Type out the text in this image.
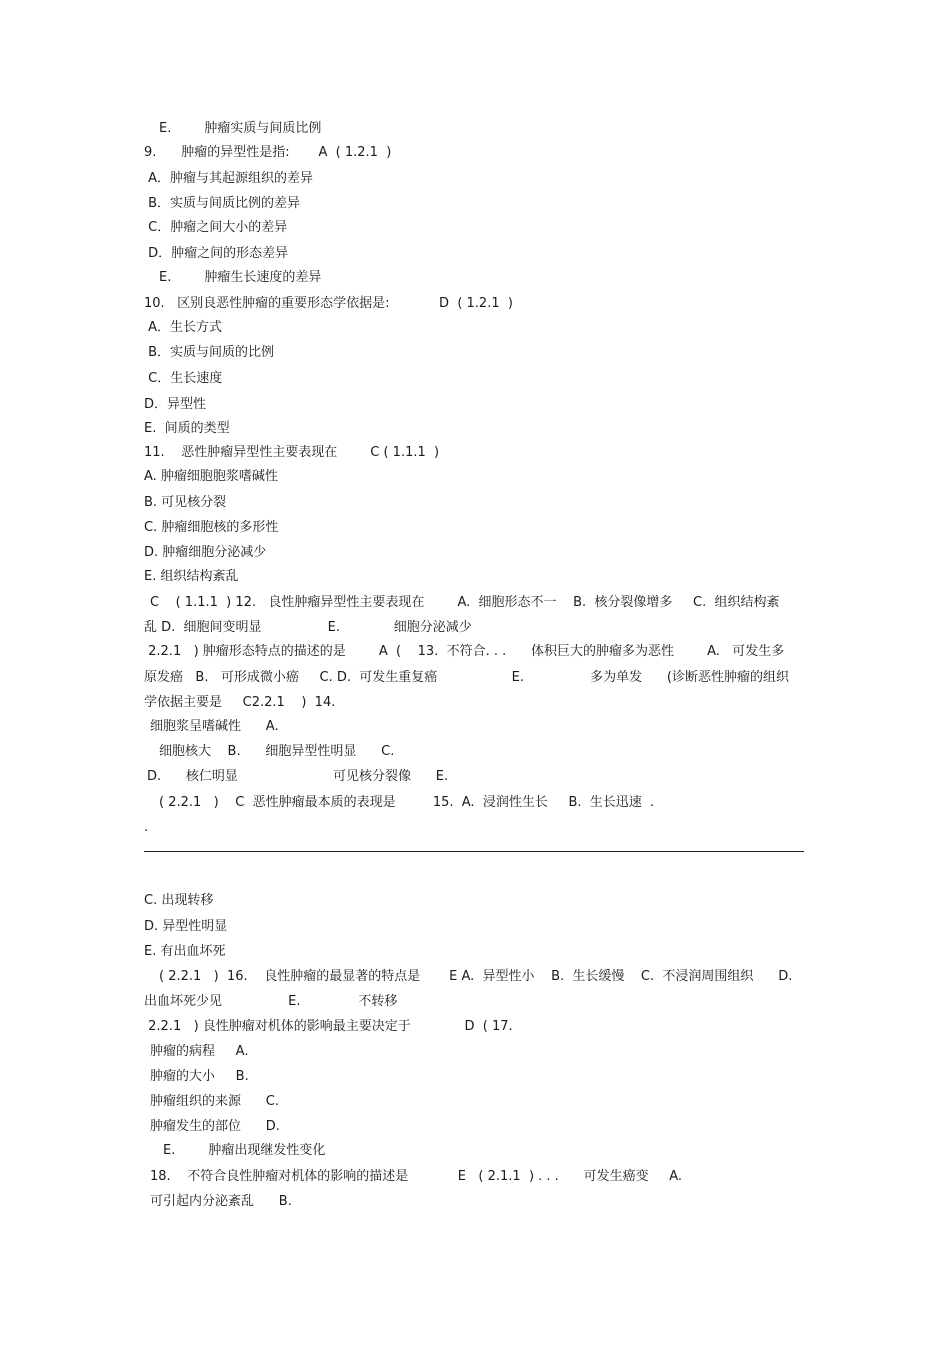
E.        肿瘤实质与间质比例
9.      肿瘤的异型性是指:       A  ( 1.2.1  )
A．肿瘤与其起源组织的差异
B．实质与间质比例的差异
C．肿瘤之间大小的差异
D．肿瘤之间的形态差异
E.        肿瘤生长速度的差异
10.   区别良恶性肿瘤的重要形态学依据是:            D  ( 1.2.1  )
A．生长方式
B．实质与间质的比例
C．生长速度
D．异型性
E.  间质的类型
11.    恶性肿瘤异型性主要表现在        C ( 1.1.1  )
A. 肿瘤细胞胞浆嗜碱性
B. 可见核分裂
C. 肿瘤细胞核的多形性
D. 肿瘤细胞分泌减少
E. 组织结构紊乱
C    ( 1.1.1  ) 12.   良性肿瘤异型性主要表现在        A.  细胞形态不一    B.  核分裂像增多     C.  组织结构紊
乱 D.  细胞间变明显                E.             细胞分泌减少
2.2.1   ) 肿瘤形态特点的描述的是        A  (    13.  不符合. . .      体积巨大的肿瘤多为恶性        A.   可发生多
原发癌   B.   可形成微小癌     C. D.  可发生重复癌                  E.                多为单发      (诊断恶性肿瘤的组织
学依据主要是     C2.2.1    )  14.
细胞浆呈嗜碱性      A.
细胞核大    B.      细胞异型性明显      C.
D.      核仁明显                       可见核分裂像      E.
( 2.2.1   )    C  恶性肿瘤最本质的表现是         15.  A.  浸润性生长     B.  生长迅速  .
.
C. 出现转移
D. 异型性明显
E. 有出血坏死
( 2.2.1   )  16.    良性肿瘤的最显著的特点是       E A.  异型性小    B.  生长缓慢    C.  不浸润周围组织      D.
出血坏死少见                E.              不转移
2.2.1   ) 良性肿瘤对机体的影响最主要决定于             D  ( 17.
肿瘤的病程     A.
肿瘤的大小     B.
肿瘤组织的来源      C.
肿瘤发生的部位      D.
E.        肿瘤出现继发性变化
18.    不符合良性肿瘤对机体的影响的描述是            E   ( 2.1.1  ) . . .      可发生癌变     A.
可引起内分泌紊乱      B.
